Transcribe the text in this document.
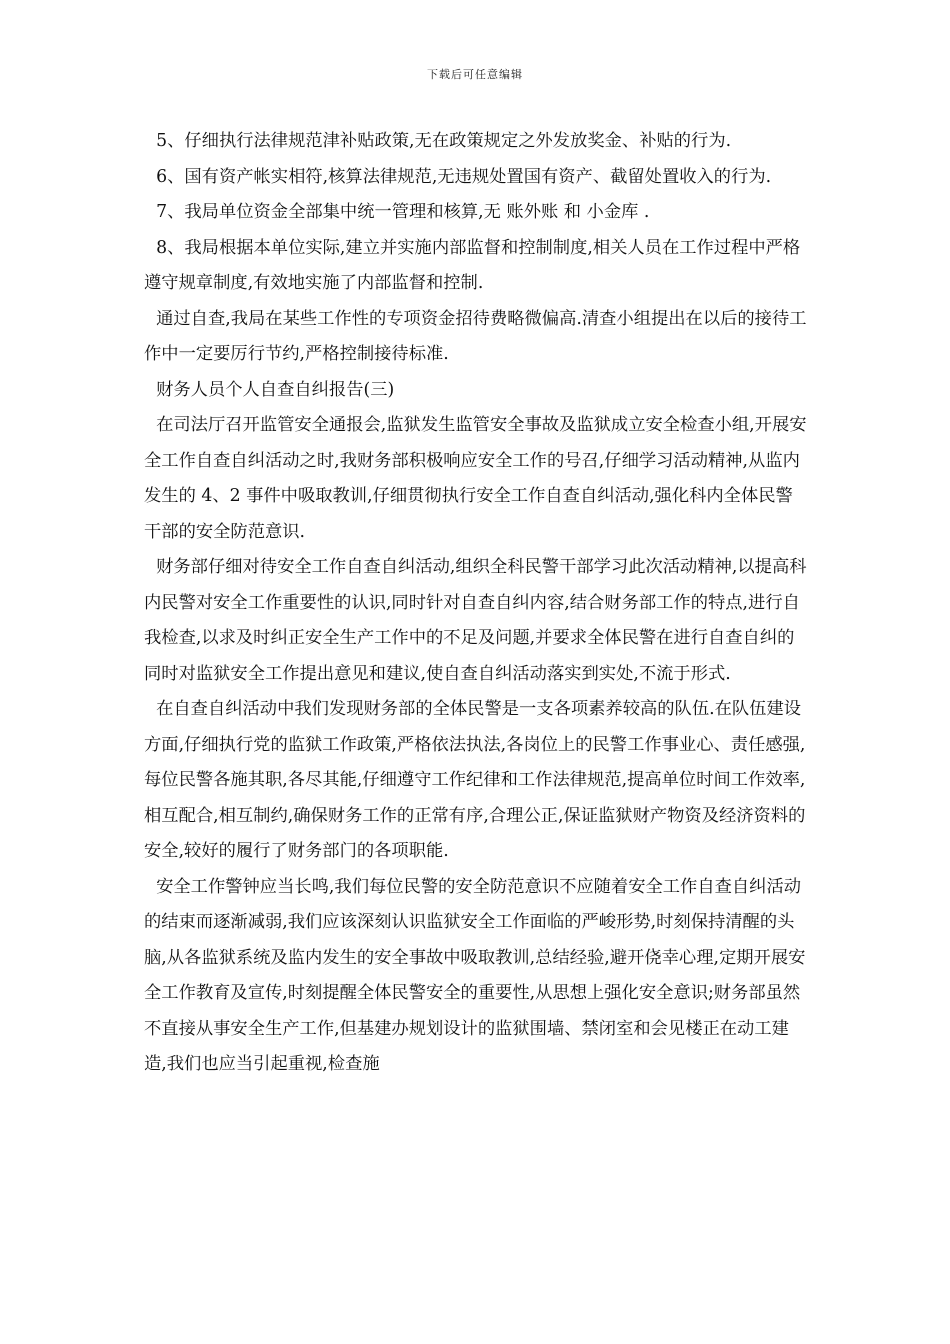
下载后可任意编辑

5、仔细执行法律规范津补贴政策,无在政策规定之外发放奖金、补贴的行为.

6、国有资产帐实相符,核算法律规范,无违规处置国有资产、截留处置收入的行为.

7、我局单位资金全部集中统一管理和核算,无 账外账 和 小金库 .

8、我局根据本单位实际,建立并实施内部监督和控制制度,相关人员在工作过程中严格遵守规章制度,有效地实施了内部监督和控制.

通过自查,我局在某些工作性的专项资金招待费略微偏高.清查小组提出在以后的接待工作中一定要厉行节约,严格控制接待标准.

财务人员个人自查自纠报告(三)

在司法厅召开监管安全通报会,监狱发生监管安全事故及监狱成立安全检查小组,开展安全工作自查自纠活动之时,我财务部积极响应安全工作的号召,仔细学习活动精神,从监内发生的 4、2 事件中吸取教训,仔细贯彻执行安全工作自查自纠活动,强化科内全体民警干部的安全防范意识.

财务部仔细对待安全工作自查自纠活动,组织全科民警干部学习此次活动精神,以提高科内民警对安全工作重要性的认识,同时针对自查自纠内容,结合财务部工作的特点,进行自我检查,以求及时纠正安全生产工作中的不足及问题,并要求全体民警在进行自查自纠的同时对监狱安全工作提出意见和建议,使自查自纠活动落实到实处,不流于形式.

在自查自纠活动中我们发现财务部的全体民警是一支各项素养较高的队伍.在队伍建设方面,仔细执行党的监狱工作政策,严格依法执法,各岗位上的民警工作事业心、责任感强,每位民警各施其职,各尽其能,仔细遵守工作纪律和工作法律规范,提高单位时间工作效率,相互配合,相互制约,确保财务工作的正常有序,合理公正,保证监狱财产物资及经济资料的安全,较好的履行了财务部门的各项职能.

安全工作警钟应当长鸣,我们每位民警的安全防范意识不应随着安全工作自查自纠活动的结束而逐渐减弱,我们应该深刻认识监狱安全工作面临的严峻形势,时刻保持清醒的头脑,从各监狱系统及监内发生的安全事故中吸取教训,总结经验,避开侥幸心理,定期开展安全工作教育及宣传,时刻提醒全体民警安全的重要性,从思想上强化安全意识;财务部虽然不直接从事安全生产工作,但基建办规划设计的监狱围墙、禁闭室和会见楼正在动工建造,我们也应当引起重视,检查施
